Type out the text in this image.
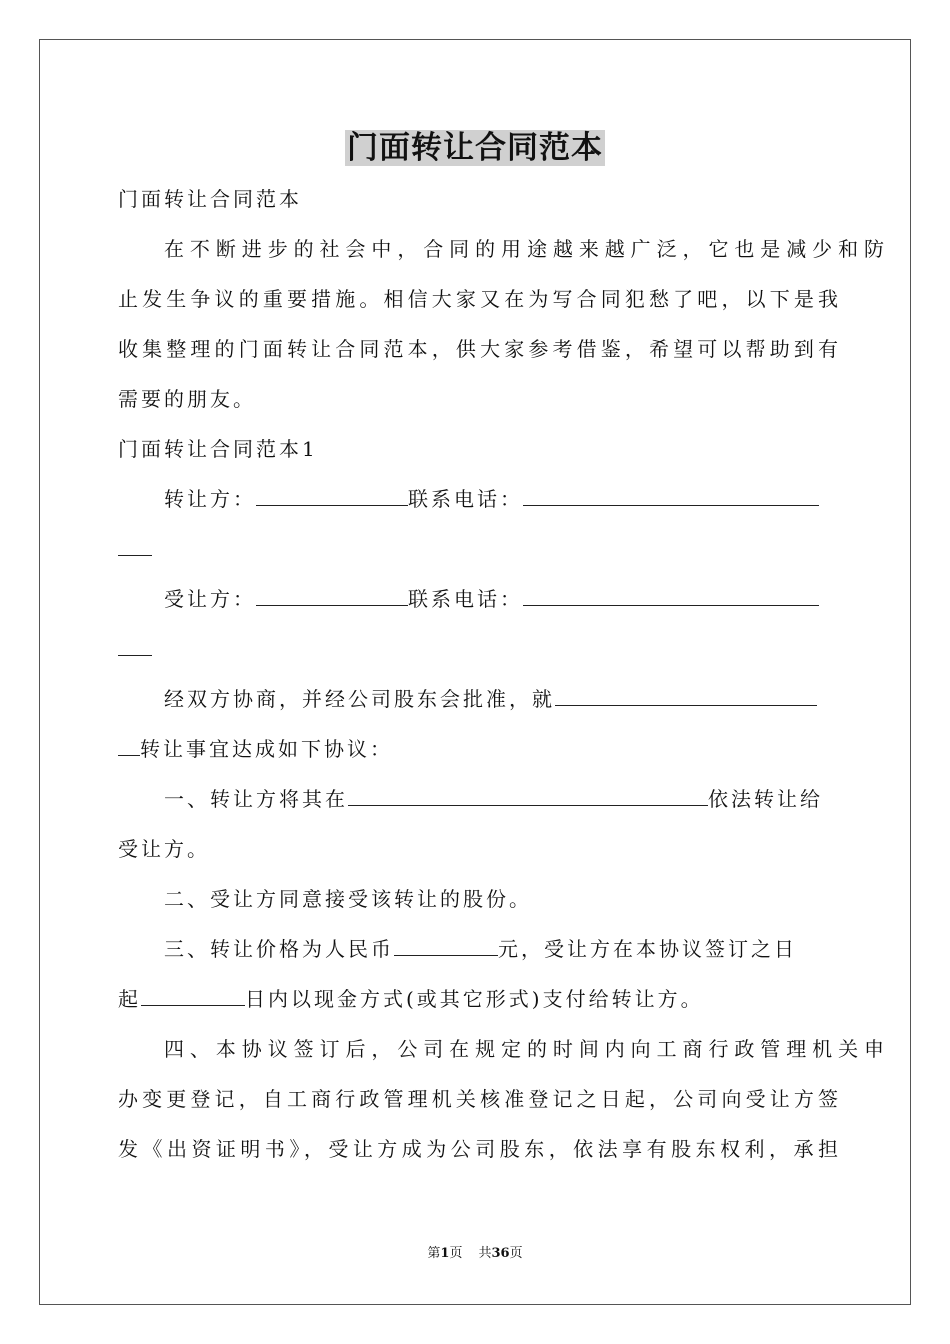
门面转让合同范本
门面转让合同范本
在不断进步的社会中，合同的用途越来越广泛，它也是减少和防
止发生争议的重要措施。相信大家又在为写合同犯愁了吧，以下是我
收集整理的门面转让合同范本，供大家参考借鉴，希望可以帮助到有
需要的朋友。
门面转让合同范本1
转让方：	联系电话：
受让方：	联系电话：
经双方协商，并经公司股东会批准，就
转让事宜达成如下协议：
一、转让方将其在	依法转让给
受让方。
二、受让方同意接受该转让的股份。
三、转让价格为人民币	元，受让方在本协议签订之日
起	日内以现金方式(或其它形式)支付给转让方。
四、本协议签订后，公司在规定的时间内向工商行政管理机关申
办变更登记，自工商行政管理机关核准登记之日起，公司向受让方签
发《出资证明书》，受让方成为公司股东，依法享有股东权利，承担
第1页 共36页
